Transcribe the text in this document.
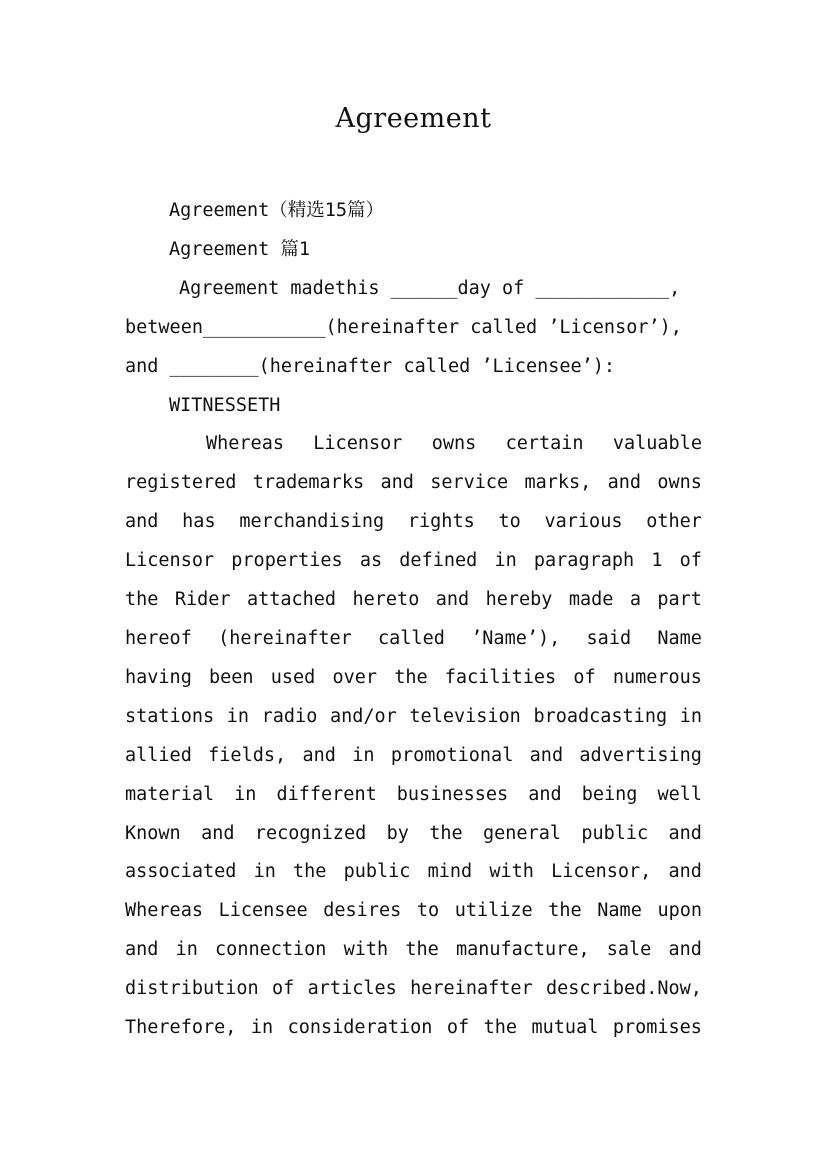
Agreement

Agreement（精选15篇）

Agreement 篇1

Agreement madethis ______day of ____________,
between___________(hereinafter called ’Licensor’),
and ________(hereinafter called ’Licensee’):

WITNESSETH

Whereas Licensor owns certain valuable
registered trademarks and service marks, and owns
and has merchandising rights to various other
Licensor properties as defined in paragraph 1 of
the Rider attached hereto and hereby made a part
hereof (hereinafter called ’Name’), said Name
having been used over the facilities of numerous
stations in radio and/or television broadcasting in
allied fields, and in promotional and advertising
material in different businesses and being well
Known and recognized by the general public and
associated in the public mind with Licensor, and
Whereas Licensee desires to utilize the Name upon
and in connection with the manufacture, sale and
distribution of articles hereinafter described.Now,
Therefore, in consideration of the mutual promises
